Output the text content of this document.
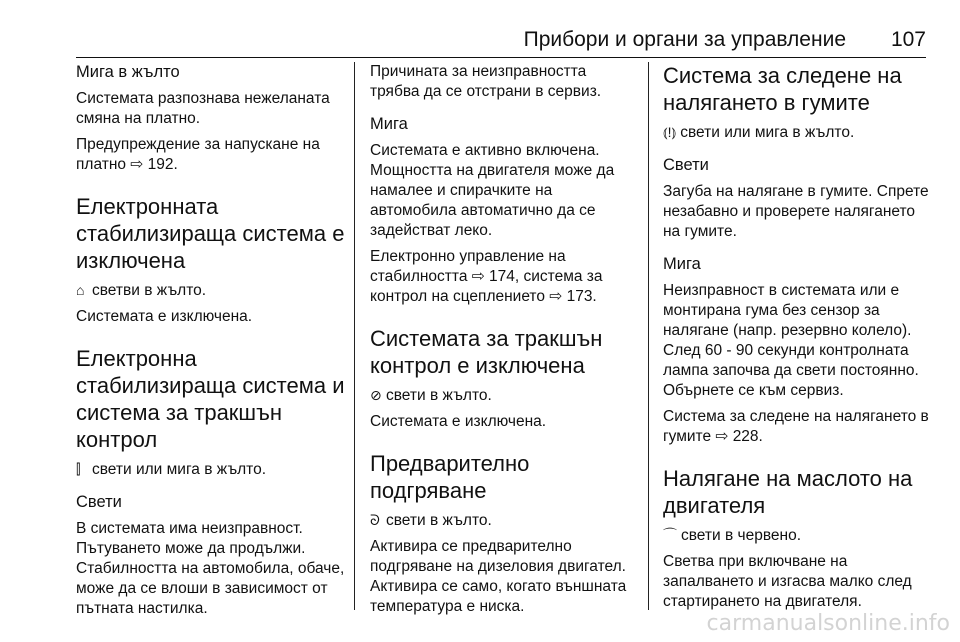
Прибори и органи за управление 107
Мига в жълто

Системата разпознава нежеланата смяна на платно.

Предупреждение за напускане на платно ⇨ 192.

Електронната стабилизираща система е изключена

⌂ светви в жълто.

Системата е изключена.

Електронна стабилизираща система и система за тракшън контрол

⫿ свети или мига в жълто.

Свети

В системата има неизправност. Пътуването може да продължи. Стабилността на автомобила, обаче, може да се влоши в зависимост от пътната настилка.

Причината за неизправността трябва да се отстрани в сервиз.

Мига

Системата е активно включена. Мощността на двигателя може да намалее и спирачките на автомобила автоматично да се задействат леко.

Електронно управление на стабилността ⇨ 174, система за контрол на сцеплението ⇨ 173.

Системата за тракшън контрол е изключена

⊘ свети в жълто.

Системата е изключена.

Предварително подгряване

ᘐ свети в жълто.

Активира се предварително подгряване на дизеловия двигател. Активира се само, когато външната температура е ниска.

Система за следене на налягането в гумите

⦅!⦆ свети или мига в жълто.

Свети

Загуба на налягане в гумите. Спрете незабавно и проверете налягането на гумите.

Мига

Неизправност в системата или е монтирана гума без сензор за налягане (напр. резервно колело). След 60 - 90 секунди контролната лампа започва да свети постоянно. Обърнете се към сервиз.

Система за следене на налягането в гумите ⇨ 228.

Налягане на маслото на двигателя

⌒ свети в червено.

Светва при включване на запалването и изгасва малко след стартирането на двигателя.

carmanualsonline.info
